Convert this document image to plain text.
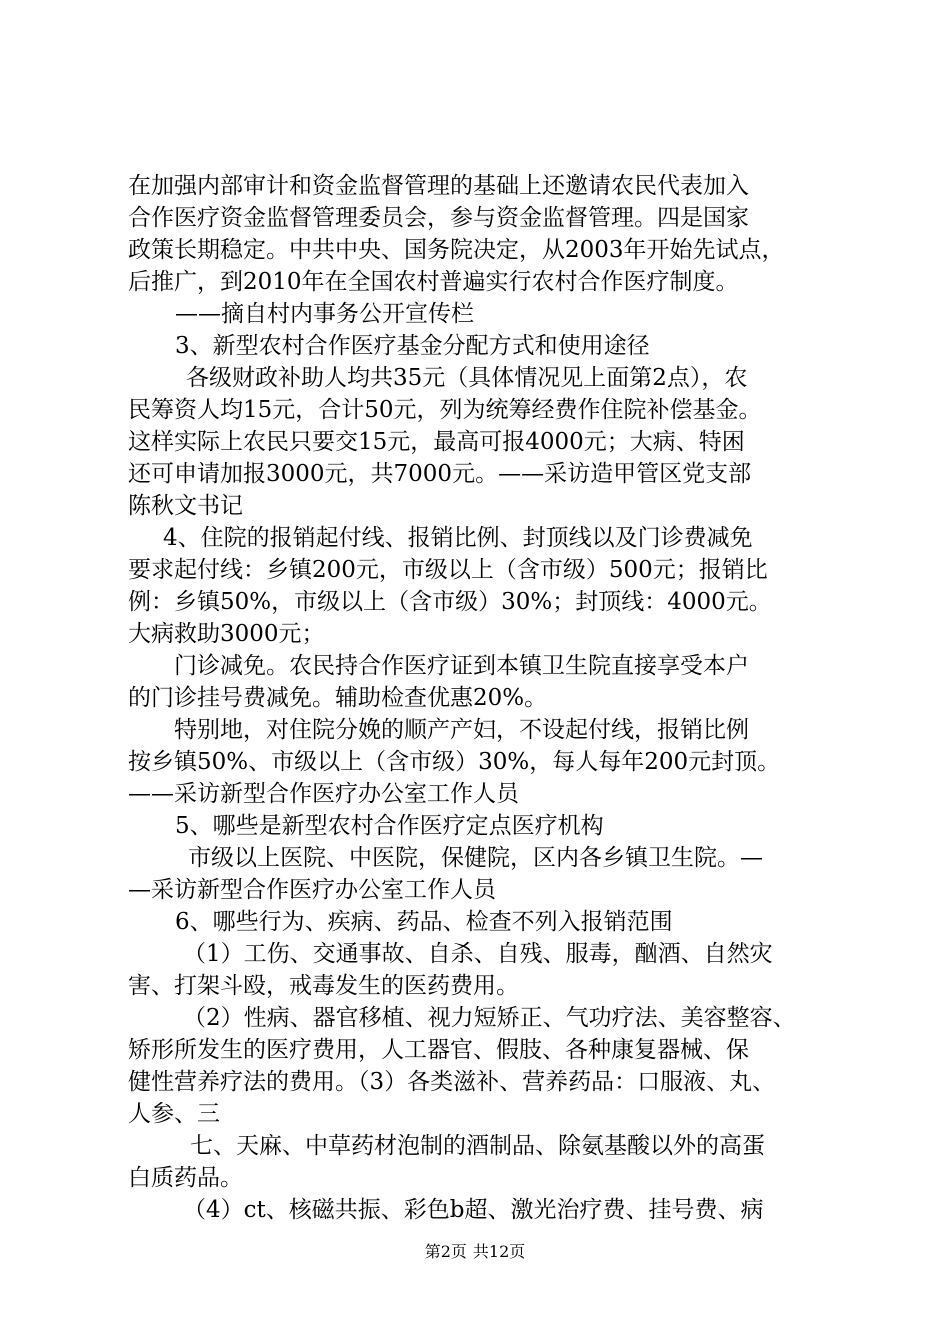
在加强内部审计和资金监督管理的基础上还邀请农民代表加入
合作医疗资金监督管理委员会，参与资金监督管理。四是国家
政策长期稳定。中共中央、国务院决定，从2003年开始先试点，
后推广，到2010年在全国农村普遍实行农村合作医疗制度。
——摘自村内事务公开宣传栏
3、新型农村合作医疗基金分配方式和使用途径
各级财政补助人均共35元（具体情况见上面第2点），农
民筹资人均15元，合计50元，列为统筹经费作住院补偿基金。
这样实际上农民只要交15元，最高可报4000元；大病、特困
还可申请加报3000元，共7000元。——采访造甲管区党支部
陈秋文书记
4、住院的报销起付线、报销比例、封顶线以及门诊费减免
要求起付线：乡镇200元，市级以上（含市级）500元；报销比
例：乡镇50%，市级以上（含市级）30%；封顶线：4000元。
大病救助3000元；
门诊减免。农民持合作医疗证到本镇卫生院直接享受本户
的门诊挂号费减免。辅助检查优惠20%。
特别地，对住院分娩的顺产产妇，不设起付线，报销比例
按乡镇50%、市级以上（含市级）30%，每人每年200元封顶。
——采访新型合作医疗办公室工作人员
5、哪些是新型农村合作医疗定点医疗机构
市级以上医院、中医院，保健院，区内各乡镇卫生院。—
—采访新型合作医疗办公室工作人员
6、哪些行为、疾病、药品、检查不列入报销范围
（1）工伤、交通事故、自杀、自残、服毒，酗酒、自然灾
害、打架斗殴，戒毒发生的医药费用。
（2）性病、器官移植、视力短矫正、气功疗法、美容整容、
矫形所发生的医疗费用，人工器官、假肢、各种康复器械、保
健性营养疗法的费用。（3）各类滋补、营养药品：口服液、丸、
人参、三
七、天麻、中草药材泡制的酒制品、除氨基酸以外的高蛋
白质药品。
（4）ct、核磁共振、彩色b超、激光治疗费、挂号费、病
第2页 共12页
